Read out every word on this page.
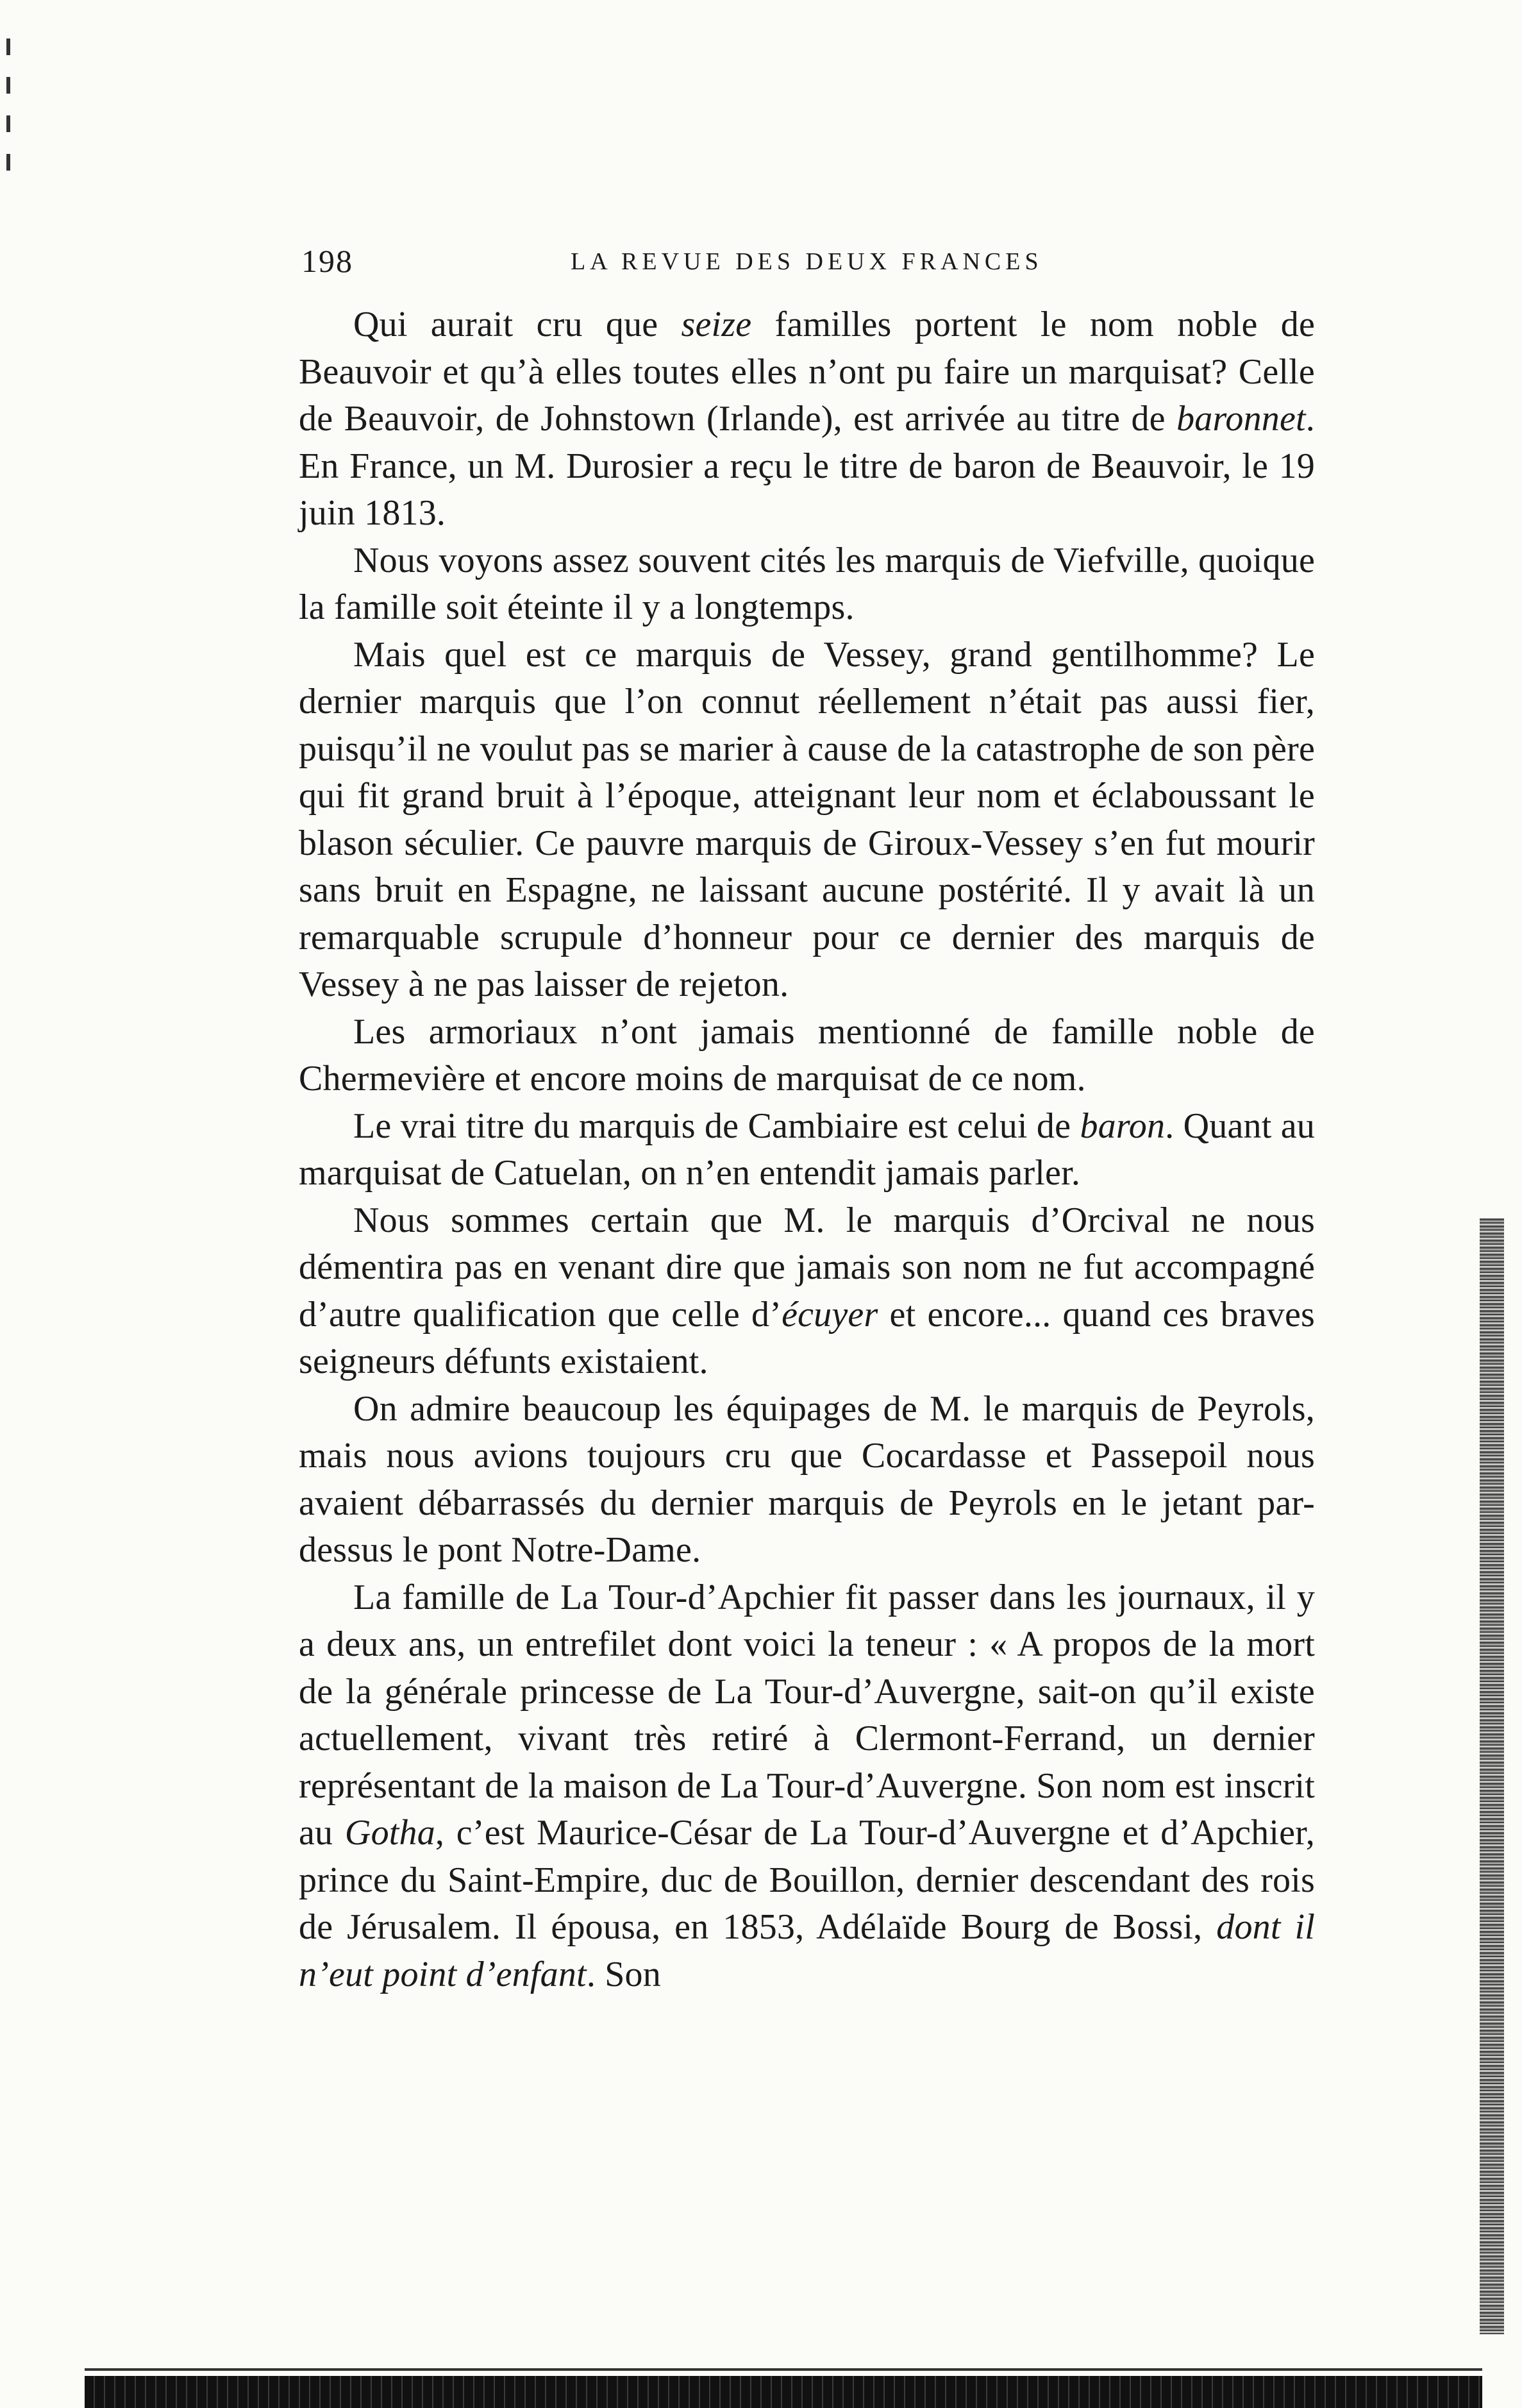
198	LA REVUE DES DEUX FRANCES

Qui aurait cru que seize familles portent le nom noble de Beauvoir et qu’à elles toutes elles n’ont pu faire un marquisat? Celle de Beauvoir, de Johnstown (Irlande), est arrivée au titre de baronnet. En France, un M. Durosier a reçu le titre de baron de Beauvoir, le 19 juin 1813.

Nous voyons assez souvent cités les marquis de Viefville, quoique la famille soit éteinte il y a longtemps.

Mais quel est ce marquis de Vessey, grand gentilhomme? Le dernier marquis que l’on connut réellement n’était pas aussi fier, puisqu’il ne voulut pas se marier à cause de la catastrophe de son père qui fit grand bruit à l’époque, atteignant leur nom et éclaboussant le blason séculier. Ce pauvre marquis de Giroux-Vessey s’en fut mourir sans bruit en Espagne, ne laissant aucune postérité. Il y avait là un remarquable scrupule d’honneur pour ce dernier des marquis de Vessey à ne pas laisser de rejeton.

Les armoriaux n’ont jamais mentionné de famille noble de Chermevière et encore moins de marquisat de ce nom.

Le vrai titre du marquis de Cambiaire est celui de baron. Quant au marquisat de Catuelan, on n’en entendit jamais parler.

Nous sommes certain que M. le marquis d’Orcival ne nous démentira pas en venant dire que jamais son nom ne fut accompagné d’autre qualification que celle d’écuyer et encore... quand ces braves seigneurs défunts existaient.

On admire beaucoup les équipages de M. le marquis de Peyrols, mais nous avions toujours cru que Cocardasse et Passepoil nous avaient débarrassés du dernier marquis de Peyrols en le jetant par-dessus le pont Notre-Dame.

La famille de La Tour-d’Apchier fit passer dans les journaux, il y a deux ans, un entrefilet dont voici la teneur : « A propos de la mort de la générale princesse de La Tour-d’Auvergne, sait-on qu’il existe actuellement, vivant très retiré à Clermont-Ferrand, un dernier représentant de la maison de La Tour-d’Auvergne. Son nom est inscrit au Gotha, c’est Maurice-César de La Tour-d’Auvergne et d’Apchier, prince du Saint-Empire, duc de Bouillon, dernier descendant des rois de Jérusalem. Il épousa, en 1853, Adélaïde Bourg de Bossi, dont il n’eut point d’enfant. Son
